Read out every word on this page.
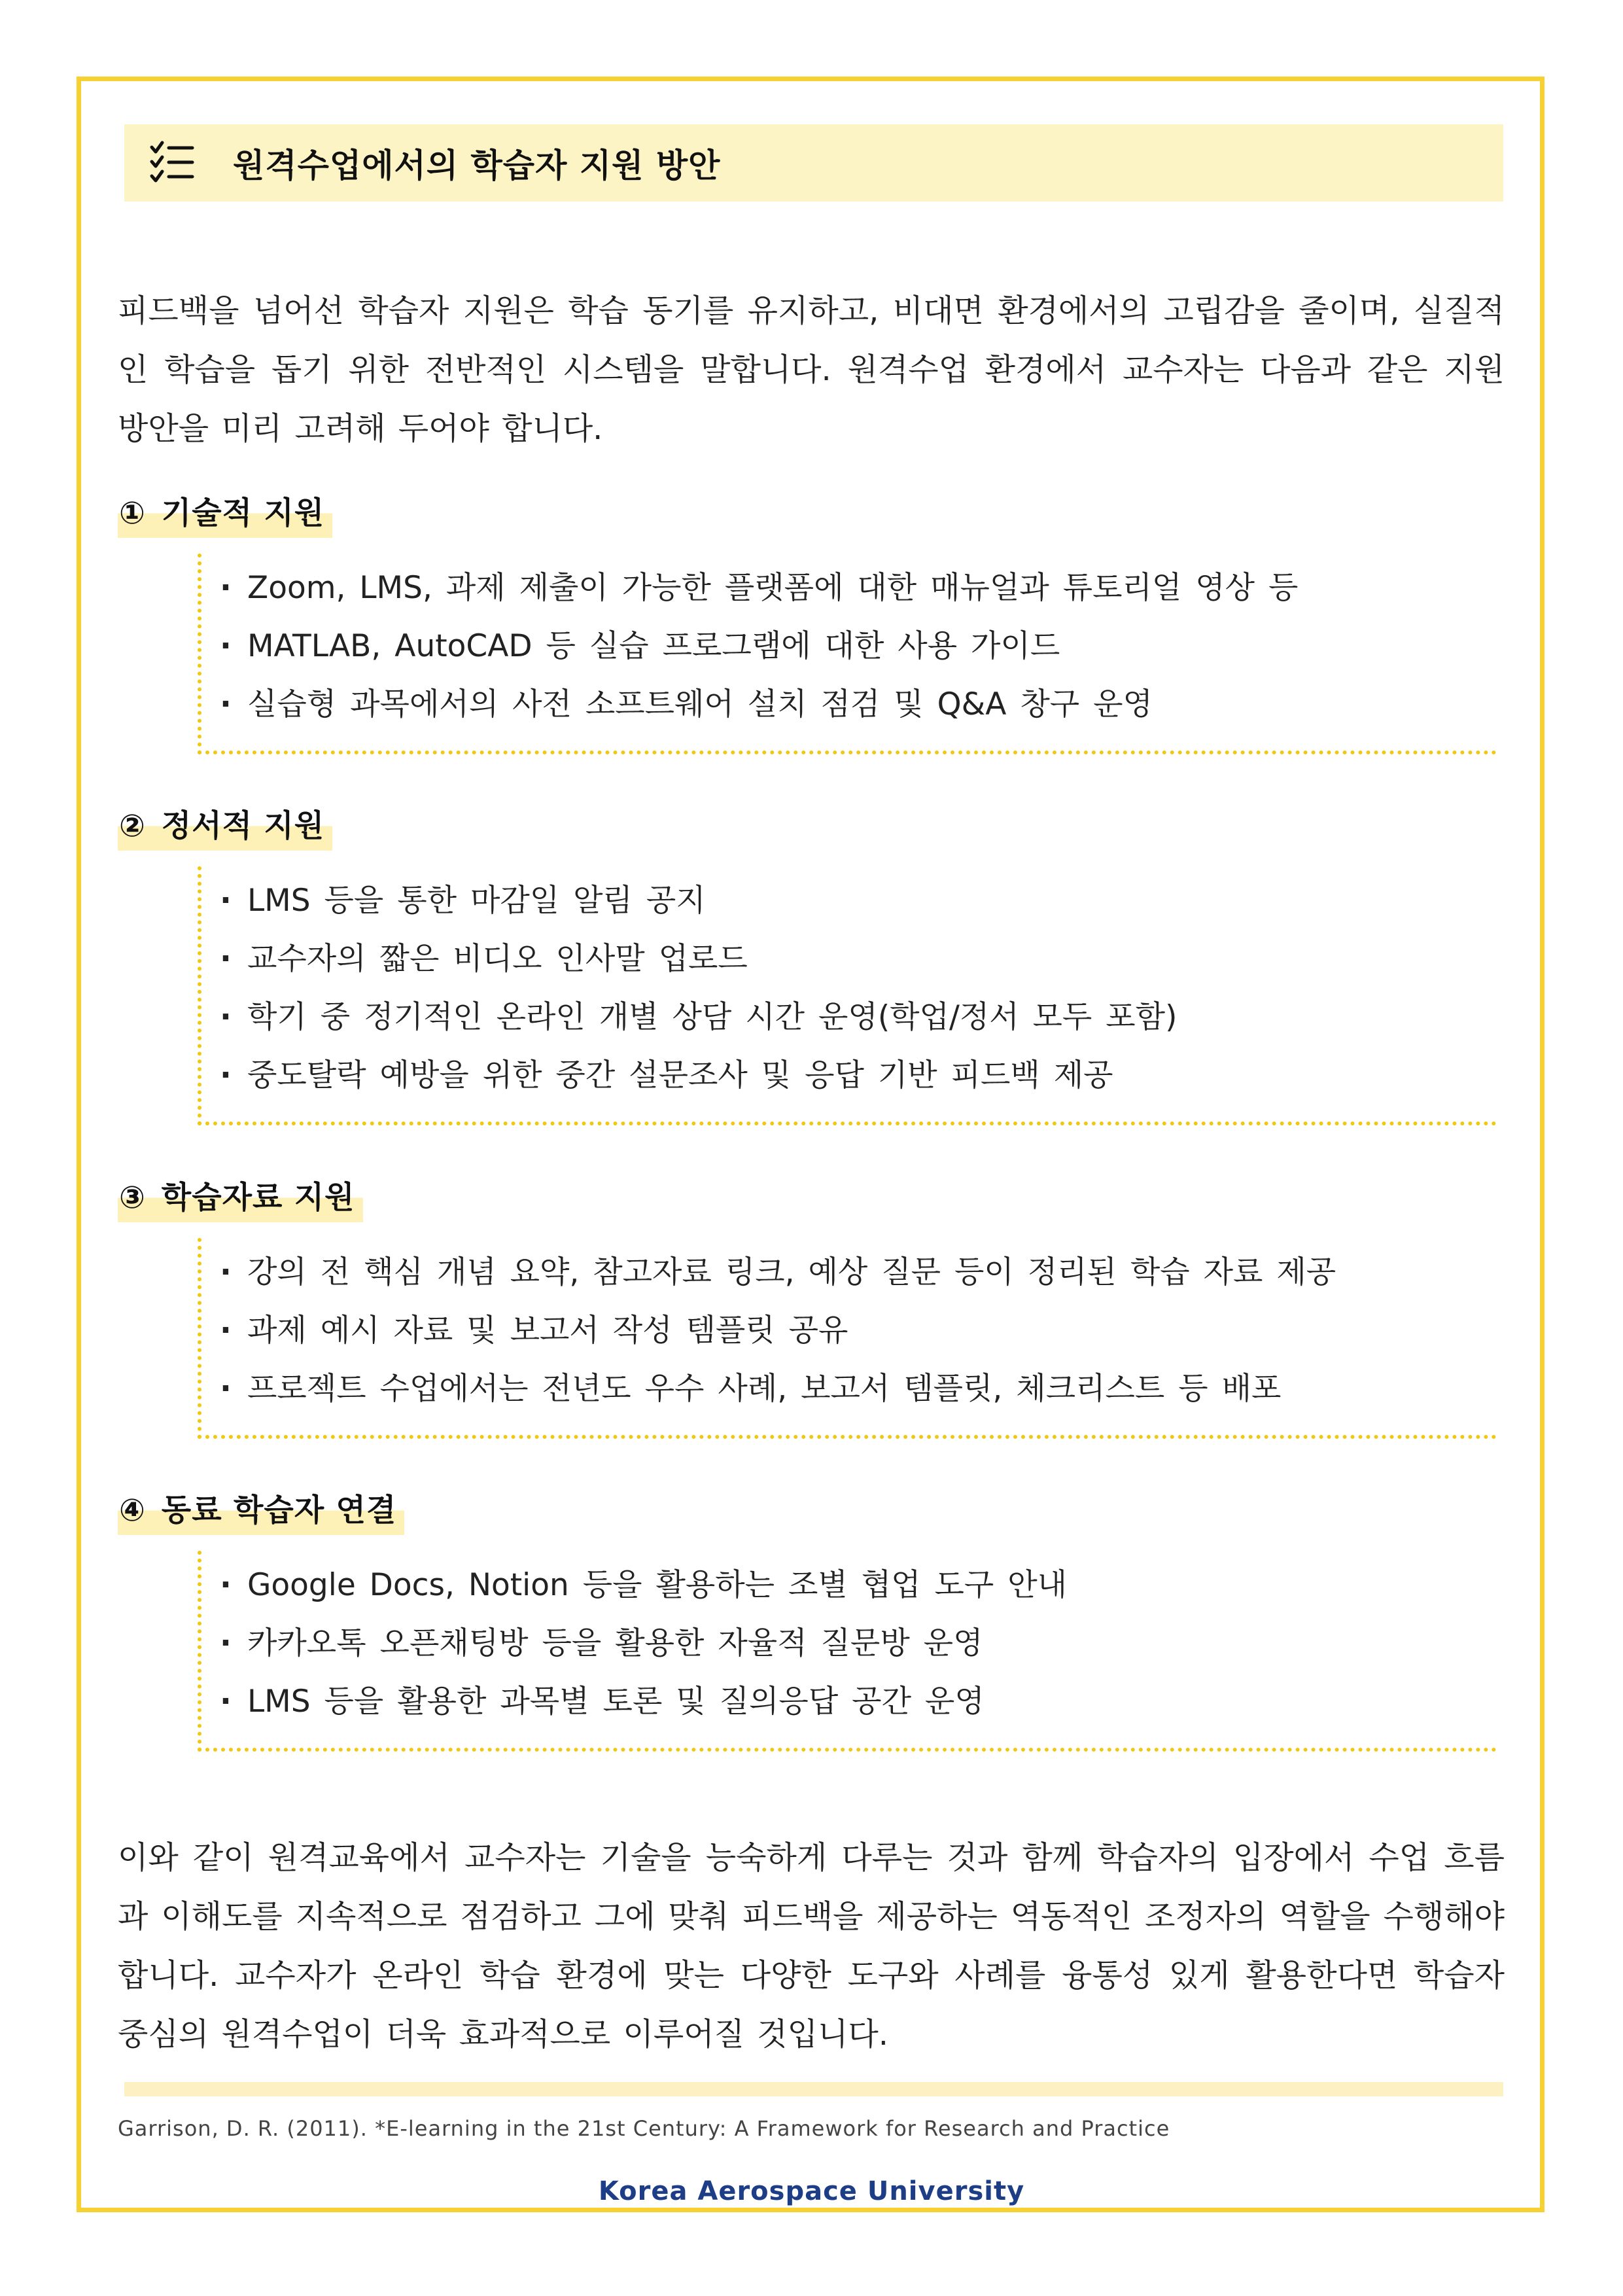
원격수업에서의 학습자 지원 방안

피드백을 넘어선 학습자 지원은 학습 동기를 유지하고, 비대면 환경에서의 고립감을 줄이며, 실질적인 학습을 돕기 위한 전반적인 시스템을 말합니다. 원격수업 환경에서 교수자는 다음과 같은 지원 방안을 미리 고려해 두어야 합니다.

① 기술적 지원
· Zoom, LMS, 과제 제출이 가능한 플랫폼에 대한 매뉴얼과 튜토리얼 영상 등
· MATLAB, AutoCAD 등 실습 프로그램에 대한 사용 가이드
· 실습형 과목에서의 사전 소프트웨어 설치 점검 및 Q&A 창구 운영
② 정서적 지원
· LMS 등을 통한 마감일 알림 공지
· 교수자의 짧은 비디오 인사말 업로드
· 학기 중 정기적인 온라인 개별 상담 시간 운영(학업/정서 모두 포함)
· 중도탈락 예방을 위한 중간 설문조사 및 응답 기반 피드백 제공
③ 학습자료 지원
· 강의 전 핵심 개념 요약, 참고자료 링크, 예상 질문 등이 정리된 학습 자료 제공
· 과제 예시 자료 및 보고서 작성 템플릿 공유
· 프로젝트 수업에서는 전년도 우수 사례, 보고서 템플릿, 체크리스트 등 배포
④ 동료 학습자 연결
· Google Docs, Notion 등을 활용하는 조별 협업 도구 안내
· 카카오톡 오픈채팅방 등을 활용한 자율적 질문방 운영
· LMS 등을 활용한 과목별 토론 및 질의응답 공간 운영

이와 같이 원격교육에서 교수자는 기술을 능숙하게 다루는 것과 함께 학습자의 입장에서 수업 흐름과 이해도를 지속적으로 점검하고 그에 맞춰 피드백을 제공하는 역동적인 조정자의 역할을 수행해야 합니다. 교수자가 온라인 학습 환경에 맞는 다양한 도구와 사례를 융통성 있게 활용한다면 학습자 중심의 원격수업이 더욱 효과적으로 이루어질 것입니다.

Garrison, D. R. (2011). *E-learning in the 21st Century: A Framework for Research and Practice
Korea Aerospace University
